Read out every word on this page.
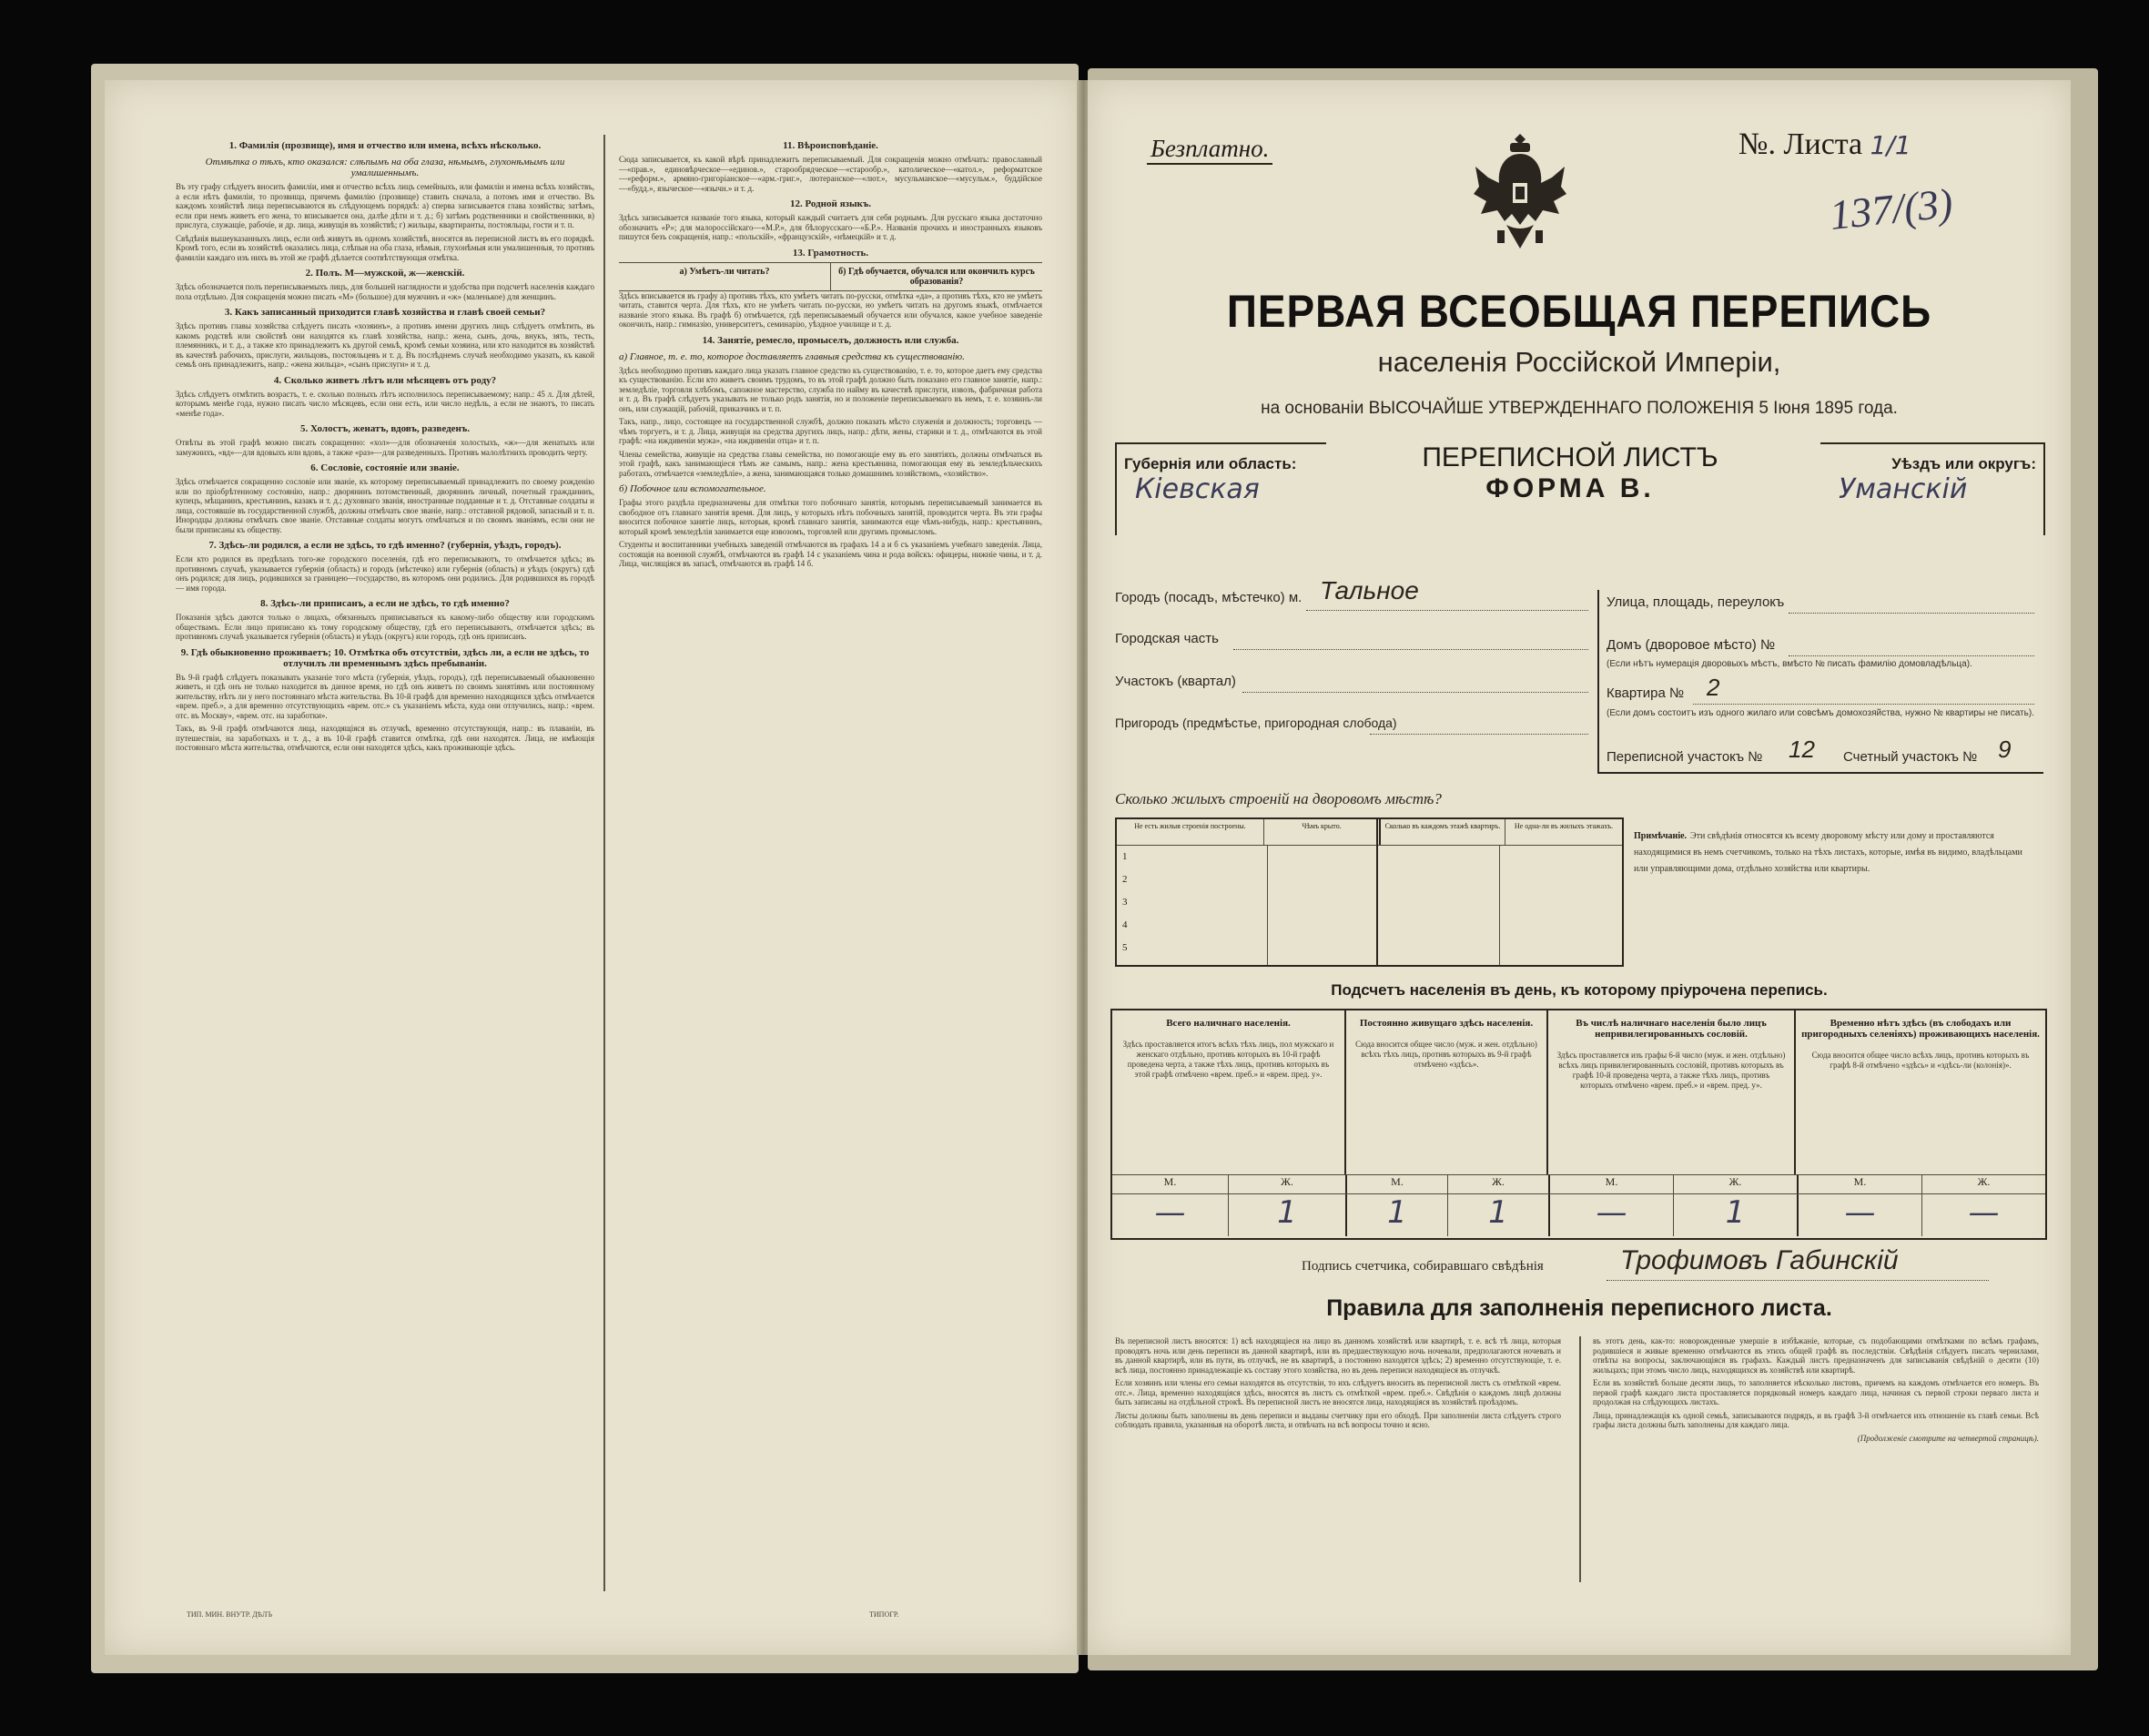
1. Фамилія (прозвище), имя и отчество или имена, всѣхъ нѣсколько.
Отмѣтка о тѣхъ, кто оказался: слѣпымъ на оба глаза, нѣмымъ, глухонѣмымъ или умалишеннымъ.

Въ эту графу слѣдуетъ вносить фамиліи, имя и отчество всѣхъ лицъ семейныхъ, или фамиліи и имена всѣхъ хозяйствъ, а если нѣтъ фамиліи, то прозвища, причемъ фамилію (прозвище) ставить сначала, а потомъ имя и отчество. Въ каждомъ хозяйствѣ лица переписываются въ слѣдующемъ порядкѣ: а) сперва записывается глава хозяйства; затѣмъ, если при немъ живетъ его жена, то вписывается она, далѣе дѣти и т. д.; б) затѣмъ родственники и свойственники, в) прислуга, служащіе, рабочіе, и др. лица, живущія въ хозяйствѣ; г) жильцы, квартиранты, постояльцы, гости и т. п.

Свѣдѣнія вышеуказанныхъ лицъ, если онѣ живутъ въ одномъ хозяйствѣ, вносятся въ переписной листъ въ его порядкѣ. Кромѣ того, если въ хозяйствѣ оказались лица, слѣпыя на оба глаза, нѣмыя, глухонѣмыя или умалишенныя, то противъ фамиліи каждаго изъ нихъ въ этой же графѣ дѣлается соотвѣтствующая отмѣтка.

2. Полъ. М—мужской, ж—женскій.

Здѣсь обозначается полъ переписываемыхъ лицъ, для большей наглядности и удобства при подсчетѣ населенія каждаго пола отдѣльно. Для сокращенія можно писать «М» (большое) для мужчинъ и «ж» (маленькое) для женщинъ.

3. Какъ записанный приходится главѣ хозяйства и главѣ своей семьи?

Здѣсь противъ главы хозяйства слѣдуетъ писать «хозяинъ», а противъ имени другихъ лицъ слѣдуетъ отмѣтить, въ какомъ родствѣ или свойствѣ они находятся къ главѣ хозяйства, напр.: жена, сынъ, дочь, внукъ, зять, тесть, племянникъ, и т. д., а также кто принадлежитъ къ другой семьѣ, кромѣ семьи хозяина, или кто находится въ хозяйствѣ въ качествѣ рабочихъ, прислуги, жильцовъ, постояльцевъ и т. д. Въ послѣднемъ случаѣ необходимо указать, къ какой семьѣ онъ принадлежитъ, напр.: «жена жильца», «сынъ прислуги» и т. д.

4. Сколько живетъ лѣтъ или мѣсяцевъ отъ роду?

Здѣсь слѣдуетъ отмѣтить возрастъ, т. е. сколько полныхъ лѣтъ исполнилось переписываемому; напр.: 45 л. Для дѣтей, которымъ менѣе года, нужно писать число мѣсяцевъ, если они есть, или число недѣль, а если не знаютъ, то писать «менѣе года».

5. Холостъ, женатъ, вдовъ, разведенъ.

Отвѣты въ этой графѣ можно писать сокращенно: «хол»—для обозначенія холостыхъ, «ж»—для женатыхъ или замужнихъ, «вд»—для вдовыхъ или вдовъ, а также «раз»—для разведенныхъ. Противъ малолѣтнихъ проводить черту.

6. Сословіе, состояніе или званіе.

Здѣсь отмѣчается сокращенно сословіе или званіе, къ которому переписываемый принадлежитъ по своему рожденію или по пріобрѣтенному состоянію, напр.: дворянинъ потомственный, дворянинъ личный, почетный гражданинъ, купецъ, мѣщанинъ, крестьянинъ, казакъ и т. д.; духовнаго званія, иностранные подданные и т. д. Отставные солдаты и лица, состоявшіе въ государственной службѣ, должны отмѣчать свое званіе, напр.: отставной рядовой, запасный и т. п. Инородцы должны отмѣчать свое званіе. Отставные солдаты могутъ отмѣчаться и по своимъ званіямъ, если они не были приписаны къ обществу.

7. Здѣсь-ли родился, а если не здѣсь, то гдѣ именно? (губернія, уѣздъ, городъ).

Если кто родился въ предѣлахъ того-же городского поселенія, гдѣ его переписываютъ, то отмѣчается здѣсь; въ противномъ случаѣ, указывается губернія (область) и городъ (мѣстечко) или губернія (область) и уѣздъ (округъ) гдѣ онъ родился; для лицъ, родившихся за границею—государство, въ которомъ они родились. Для родившихся въ городѣ — имя города.

8. Здѣсь-ли приписанъ, а если не здѣсь, то гдѣ именно?

Показанія здѣсь даются только о лицахъ, обязанныхъ приписываться къ какому-либо обществу или городскимъ обществамъ. Если лицо приписано къ тому городскому обществу, гдѣ его переписываютъ, отмѣчается здѣсь; въ противномъ случаѣ указывается губернія (область) и уѣздъ (округъ) или городъ, гдѣ онъ приписанъ.

9. Гдѣ обыкновенно проживаетъ; 10. Отмѣтка объ отсутствіи, здѣсь ли, а если не здѣсь, то отлучилъ ли временнымъ здѣсь пребываніи.

Въ 9-й графѣ слѣдуетъ показывать указаніе того мѣста (губернія, уѣздъ, городъ), гдѣ переписываемый обыкновенно живетъ, и гдѣ онъ не только находится въ данное время, но гдѣ онъ живетъ по своимъ занятіямъ или постоянному жительству, нѣтъ ли у него постояннаго мѣста жительства. Въ 10-й графѣ для временно находящихся здѣсь отмѣчается «врем. преб.», а для временно отсутствующихъ «врем. отс.» съ указаніемъ мѣста, куда они отлучились, напр.: «врем. отс. въ Москву», «врем. отс. на заработки».

Такъ, въ 9-й графѣ отмѣчаются лица, находящіяся въ отлучкѣ, временно отсутствующія, напр.: въ плаваніи, въ путешествіи, на заработкахъ и т. д., а въ 10-й графѣ ставится отмѣтка, гдѣ они находятся. Лица, не имѣющія постояннаго мѣста жительства, отмѣчаются, если они находятся здѣсь, какъ проживающіе здѣсь.

11. Вѣроисповѣданіе.

Сюда записывается, къ какой вѣрѣ принадлежитъ переписываемый. Для сокращенія можно отмѣчать: православный—«прав.», единовѣрческое—«единов.», старообрядческое—«старообр.», католическое—«катол.», реформатское—«реформ.», армяно-григоріанское—«арм.-григ.», лютеранское—«лют.», мусульманское—«мусульм.», буддійское—«будд.», языческое—«язычн.» и т. д.

12. Родной языкъ.

Здѣсь записывается названіе того языка, который каждый считаетъ для себя роднымъ. Для русскаго языка достаточно обозначить «Р»; для малороссійскаго—«М.Р.», для бѣлорусскаго—«Б.Р.». Названія прочихъ и иностранныхъ языковъ пишутся безъ сокращенія, напр.: «польскій», «французскій», «нѣмецкій» и т. д.

13. Грамотность.
а) Умѣетъ-ли читать?	б) Гдѣ обучается, обучался или окончилъ курсъ образованія?

Здѣсь вписывается въ графу а) противъ тѣхъ, кто умѣетъ читать по-русски, отмѣтка «да», а противъ тѣхъ, кто не умѣетъ читать, ставится черта. Для тѣхъ, кто не умѣетъ читать по-русски, но умѣетъ читать на другомъ языкѣ, отмѣчается названіе этого языка. Въ графѣ б) отмѣчается, гдѣ переписываемый обучается или обучался, какое учебное заведеніе окончилъ, напр.: гимназію, университетъ, семинарію, уѣздное училище и т. д.

14. Занятіе, ремесло, промыселъ, должность или служба.
а) Главное, т. е. то, которое доставляетъ главныя средства къ существованію.

Здѣсь необходимо противъ каждаго лица указать главное средство къ существованію, т. е. то, которое даетъ ему средства къ существованію. Если кто живетъ своимъ трудомъ, то въ этой графѣ должно быть показано его главное занятіе, напр.: земледѣліе, торговля хлѣбомъ, сапожное мастерство, служба по найму въ качествѣ прислуги, извозъ, фабричная работа и т. д. Въ графѣ слѣдуетъ указывать не только родъ занятія, но и положеніе переписываемаго въ немъ, т. е. хозяинъ-ли онъ, или служащій, рабочій, приказчикъ и т. п.

Такъ, напр., лицо, состоящее на государственной службѣ, должно показать мѣсто служенія и должность; торговецъ — чѣмъ торгуетъ, и т. д. Лица, живущія на средства другихъ лицъ, напр.: дѣти, жены, старики и т. д., отмѣчаются въ этой графѣ: «на иждивеніи мужа», «на иждивеніи отца» и т. п.

Члены семейства, живущіе на средства главы семейства, но помогающіе ему въ его занятіяхъ, должны отмѣчаться въ этой графѣ, какъ занимающіеся тѣмъ же самымъ, напр.: жена крестьянина, помогающая ему въ земледѣльческихъ работахъ, отмѣчается «земледѣліе», а жена, занимающаяся только домашнимъ хозяйствомъ, «хозяйство».

б) Побочное или вспомогательное.

Графы этого раздѣла предназначены для отмѣтки того побочнаго занятія, которымъ переписываемый занимается въ свободное отъ главнаго занятія время. Для лицъ, у которыхъ нѣтъ побочныхъ занятій, проводится черта. Въ эти графы вносится побочное занятіе лицъ, которыя, кромѣ главнаго занятія, занимаются еще чѣмъ-нибудь, напр.: крестьянинъ, который кромѣ земледѣлія занимается еще извозомъ, торговлей или другимъ промысломъ.

Студенты и воспитанники учебныхъ заведеній отмѣчаются въ графахъ 14 а и б съ указаніемъ учебнаго заведенія. Лица, состоящія на военной службѣ, отмѣчаются въ графѣ 14 с указаніемъ чина и рода войскъ: офицеры, нижніе чины, и т. д. Лица, числящіяся въ запасѣ, отмѣчаются въ графѣ 14 б.

ТИП. МИН. ВНУТР. ДѢЛЪ	ТИПОГР.
Безплатно.	№. Листа 1/1
137/(3)
ПЕРВАЯ ВСЕОБЩАЯ ПЕРЕПИСЬ
населенія Россійской Имперіи,
на основаніи ВЫСОЧАЙШЕ УТВЕРЖДЕННАГО ПОЛОЖЕНІЯ 5 Іюня 1895 года.
Губернія или область:
Кіевская
ПЕРЕПИСНОЙ ЛИСТЪ
ФОРМА В.
Уѣздъ или округъ:
Уманскій
Городъ (посадъ, мѣстечко) м. Тальное
Городская часть
Участокъ (квартал)
Пригородъ (предмѣстье, пригородная слобода)
Улица, площадь, переулокъ
Домъ (дворовое мѣсто) №
(Если нѣтъ нумерація дворовыхъ мѣстъ, вмѣсто № писать фамилію домовладѣльца).
Квартира № 2
(Если домъ состоитъ изъ одного жилаго или совсѣмъ домохозяйства, нужно № квартиры не писать).
Переписной участокъ № 12 Счетный участокъ № 9
Сколько жилыхъ строеній на дворовомъ мѣстѣ?
Не есть жилыя строенія построены.	Чѣмъ крыто.	Сколько въ каждомъ этажѣ квартиръ.	Не одна-ли въ жилыхъ этажахъ.
1
2
3
4
5
Примѣчаніе. Эти свѣдѣнія относятся къ всему дворовому мѣсту или дому и проставляются находящимися въ немъ счетчикомъ, только на тѣхъ листахъ, которые, имѣя въ видимо, владѣльцами или управляющими дома, отдѣльно хозяйства или квартиры.
Подсчетъ населенія въ день, къ которому пріурочена перепись.
Всего наличнаго населенія.
Здѣсь проставляется итогъ всѣхъ тѣхъ лицъ, пол мужскаго и женскаго отдѣльно, противъ которыхъ въ 10-й графѣ проведена черта, а также тѣхъ лицъ, противъ которыхъ въ этой графѣ отмѣчено «врем. преб.» и «врем. пред. у».
Постоянно живущаго здѣсь населенія.
Сюда вносится общее число (муж. и жен. отдѣльно) всѣхъ тѣхъ лицъ, противъ которыхъ въ 9-й графѣ отмѣчено «здѣсь».
Въ числѣ наличнаго населенія было лицъ непривилегированныхъ сословій.
Здѣсь проставляется изъ графы 6-й число (муж. и жен. отдѣльно) всѣхъ лицъ привилегированныхъ сословій, противъ которыхъ въ графѣ 10-й проведена черта, а также тѣхъ лицъ, противъ которыхъ отмѣчено «врем. преб.» и «врем. пред. у».
Временно нѣтъ здѣсь (въ слободахъ или пригородныхъ селеніяхъ) проживающихъ населенія.
Сюда вносится общее число всѣхъ лицъ, противъ которыхъ въ графѣ 8-й отмѣчено «здѣсь» и «здѣсь-ли (колонія)».
М.	Ж.	М.	Ж.	М.	Ж.	М.	Ж.
—	1	1	1	—	1	—	—
Подпись счетчика, собиравшаго свѣдѣнія	Трофимовъ Габинскій
Правила для заполненія переписного листа.

Въ переписной листъ вносятся: 1) всѣ находящіеся на лицо въ данномъ хозяйствѣ или квартирѣ, т. е. всѣ тѣ лица, которыя проводятъ ночь или день переписи въ данной квартирѣ, или въ предшествующую ночь ночевали, предполагаются ночевать и въ данной квартирѣ, или въ пути, въ отлучкѣ, не въ квартирѣ, а постоянно находятся здѣсь; 2) временно отсутствующіе, т. е. всѣ лица, постоянно принадлежащіе къ составу этого хозяйства, но въ день переписи находящіеся въ отлучкѣ.

Если хозяинъ или члены его семьи находятся въ отсутствіи, то ихъ слѣдуетъ вносить въ переписной листъ съ отмѣткой «врем. отс.». Лица, временно находящіяся здѣсь, вносятся въ листъ съ отмѣткой «врем. преб.». Свѣдѣнія о каждомъ лицѣ должны быть записаны на отдѣльной строкѣ. Въ переписной листъ не вносятся лица, находящіяся въ хозяйствѣ проѣздомъ.

Листы должны быть заполнены въ день переписи и выданы счетчику при его обходѣ. При заполненіи листа слѣдуетъ строго соблюдать правила, указанныя на оборотѣ листа, и отвѣчать на всѣ вопросы точно и ясно.

въ этотъ день, как-то: новорожденные умершіе в избѣжаніе, которые, съ подобающими отмѣтками по всѣмъ графамъ, родившіеся и живые временно отмѣчаются въ этихъ общей графѣ въ последствіи. Свѣдѣнія слѣдуетъ писать чернилами, отвѣты на вопросы, заключающіяся въ графахъ. Каждый листъ предназначенъ для записыванія свѣдѣній о десяти (10) жильцахъ; при этомъ число лицъ, находящихся въ хозяйствѣ или квартирѣ.

Если въ хозяйствѣ больше десяти лицъ, то заполняется нѣсколько листовъ, причемъ на каждомъ отмѣчается его номеръ. Въ первой графѣ каждаго листа проставляется порядковый номеръ каждаго лица, начиная съ первой строки перваго листа и продолжая на слѣдующихъ листахъ.

Лица, принадлежащія къ одной семьѣ, записываются подрядъ, и въ графѣ 3-й отмѣчается ихъ отношеніе къ главѣ семьи. Всѣ графы листа должны быть заполнены для каждаго лица.

(Продолженіе смотрите на четвертой страницѣ).
